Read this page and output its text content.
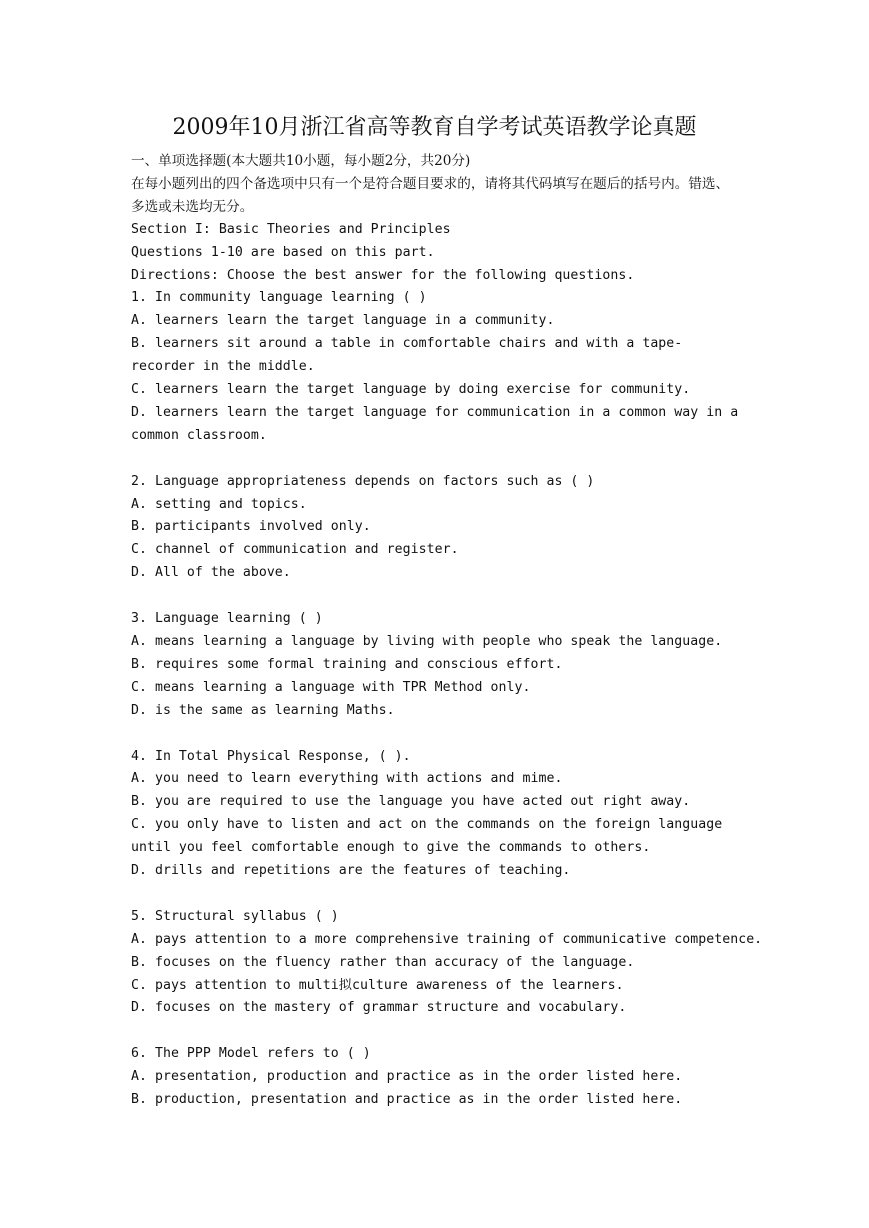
2009年10月浙江省高等教育自学考试英语教学论真题

一、单项选择题(本大题共10小题，每小题2分，共20分)

在每小题列出的四个备选项中只有一个是符合题目要求的，请将其代码填写在题后的括号内。错选、多选或未选均无分。

Section I: Basic Theories and Principles

Questions 1-10 are based on this part.

Directions: Choose the best answer for the following questions.

1. In community language learning ( )

A. learners learn the target language in a community.

B. learners sit around a table in comfortable chairs and with a tape-recorder in the middle.

C. learners learn the target language by doing exercise for community.

D. learners learn the target language for communication in a common way in a common classroom.

2. Language appropriateness depends on factors such as ( )

A. setting and topics.

B. participants involved only.

C. channel of communication and register.

D. All of the above.

3. Language learning ( )

A. means learning a language by living with people who speak the language.

B. requires some formal training and conscious effort.

C. means learning a language with TPR Method only.

D. is the same as learning Maths.

4. In Total Physical Response, ( ).

A. you need to learn everything with actions and mime.

B. you are required to use the language you have acted out right away.

C. you only have to listen and act on the commands on the foreign language until you feel comfortable enough to give the commands to others.

D. drills and repetitions are the features of teaching.

5. Structural syllabus ( )

A. pays attention to a more comprehensive training of communicative competence.

B. focuses on the fluency rather than accuracy of the language.

C. pays attention to multi拟culture awareness of the learners.

D. focuses on the mastery of grammar structure and vocabulary.

6. The PPP Model refers to ( )

A. presentation, production and practice as in the order listed here.

B. production, presentation and practice as in the order listed here.
